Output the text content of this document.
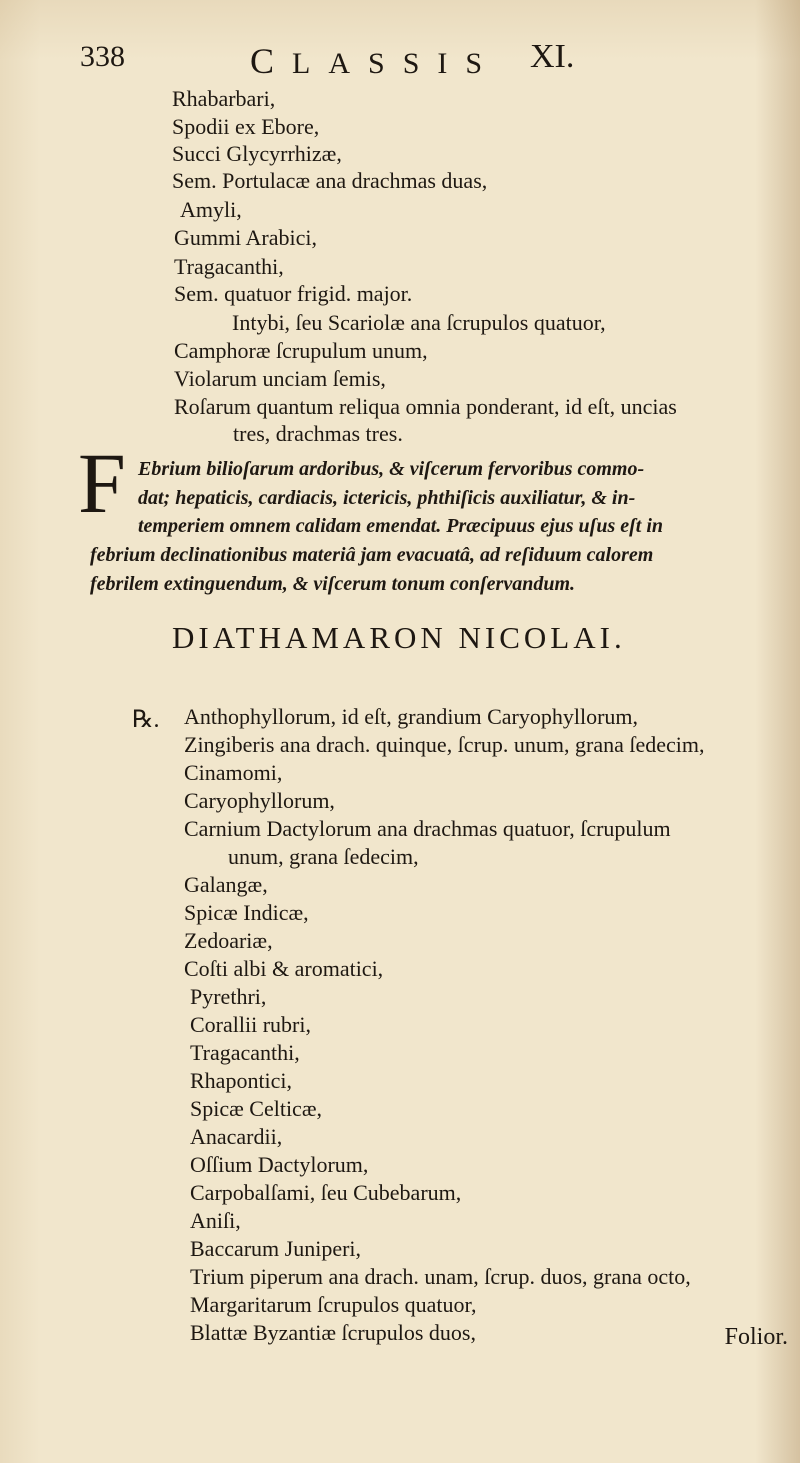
338	CLASSIS XI.
Rhabarbari,
Spodii ex Ebore,
Succi Glycyrrhizæ,
Sem. Portulacæ ana drachmas duas,
Amyli,
Gummi Arabici,
Tragacanthi,
Sem. quatuor frigid. major.
Intybi, ſeu Scariolæ ana ſcrupulos quatuor,
Camphoræ ſcrupulum unum,
Violarum unciam ſemis,
Roſarum quantum reliqua omnia ponderant, id eſt, uncias
tres, drachmas tres.
F Ebrium bilioſarum ardoribus, & viſcerum fervoribus commo-
dat; hepaticis, cardiacis, ictericis, phthiſicis auxiliatur, & in-
temperiem omnem calidam emendat. Præcipuus ejus uſus eſt in
febrium declinationibus materiâ jam evacuatâ, ad reſiduum calorem
febrilem extinguendum, & viſcerum tonum conſervandum.
DIATHAMARON NICOLAI.
℞. Anthophyllorum, id eſt, grandium Caryophyllorum,
Zingiberis ana drach. quinque, ſcrup. unum, grana ſedecim,
Cinamomi,
Caryophyllorum,
Carnium Dactylorum ana drachmas quatuor, ſcrupulum
unum, grana ſedecim,
Galangæ,
Spicæ Indicæ,
Zedoariæ,
Coſti albi & aromatici,
Pyrethri,
Corallii rubri,
Tragacanthi,
Rhapontici,
Spicæ Celticæ,
Anacardii,
Oſſium Dactylorum,
Carpobalſami, ſeu Cubebarum,
Aniſi,
Baccarum Juniperi,
Trium piperum ana drach. unam, ſcrup. duos, grana octo,
Margaritarum ſcrupulos quatuor,
Blattæ Byzantiæ ſcrupulos duos,	Folior.
